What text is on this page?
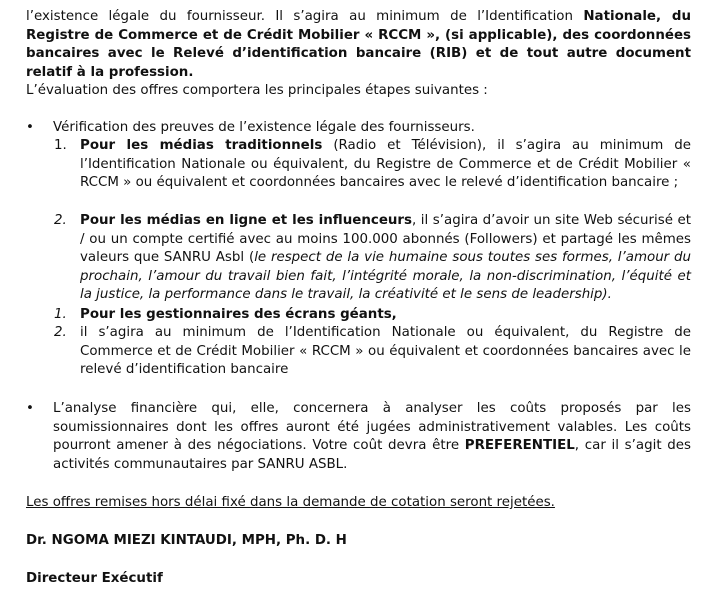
l’existence légale du fournisseur. Il s’agira au minimum de l’Identification Nationale, du Registre de Commerce et de Crédit Mobilier « RCCM », (si applicable), des coordonnées bancaires avec le Relevé d’identification bancaire (RIB) et de tout autre document relatif à la profession.

L’évaluation des offres comportera les principales étapes suivantes :

•	Vérification des preuves de l’existence légale des fournisseurs.

1. Pour les médias traditionnels (Radio et Télévision), il s’agira au minimum de l’Identification Nationale ou équivalent, du Registre de Commerce et de Crédit Mobilier « RCCM » ou équivalent et coordonnées bancaires avec le relevé d’identification bancaire ;

2. Pour les médias en ligne et les influenceurs, il s’agira d’avoir un site Web sécurisé et / ou un compte certifié avec au moins 100.000 abonnés (Followers) et partagé les mêmes valeurs que SANRU Asbl (le respect de la vie humaine sous toutes ses formes, l’amour du prochain, l’amour du travail bien fait, l’intégrité morale, la non-discrimination, l’équité et la justice, la performance dans le travail, la créativité et le sens de leadership).

1. Pour les gestionnaires des écrans géants,

2. il s’agira au minimum de l’Identification Nationale ou équivalent, du Registre de Commerce et de Crédit Mobilier « RCCM » ou équivalent et coordonnées bancaires avec le relevé d’identification bancaire

•	L’analyse financière qui, elle, concernera à analyser les coûts proposés par les soumissionnaires dont les offres auront été jugées administrativement valables. Les coûts pourront amener à des négociations. Votre coût devra être PREFERENTIEL, car il s’agit des activités communautaires par SANRU ASBL.

Les offres remises hors délai fixé dans la demande de cotation seront rejetées.

Dr. NGOMA MIEZI KINTAUDI, MPH, Ph. D. H

Directeur Exécutif
